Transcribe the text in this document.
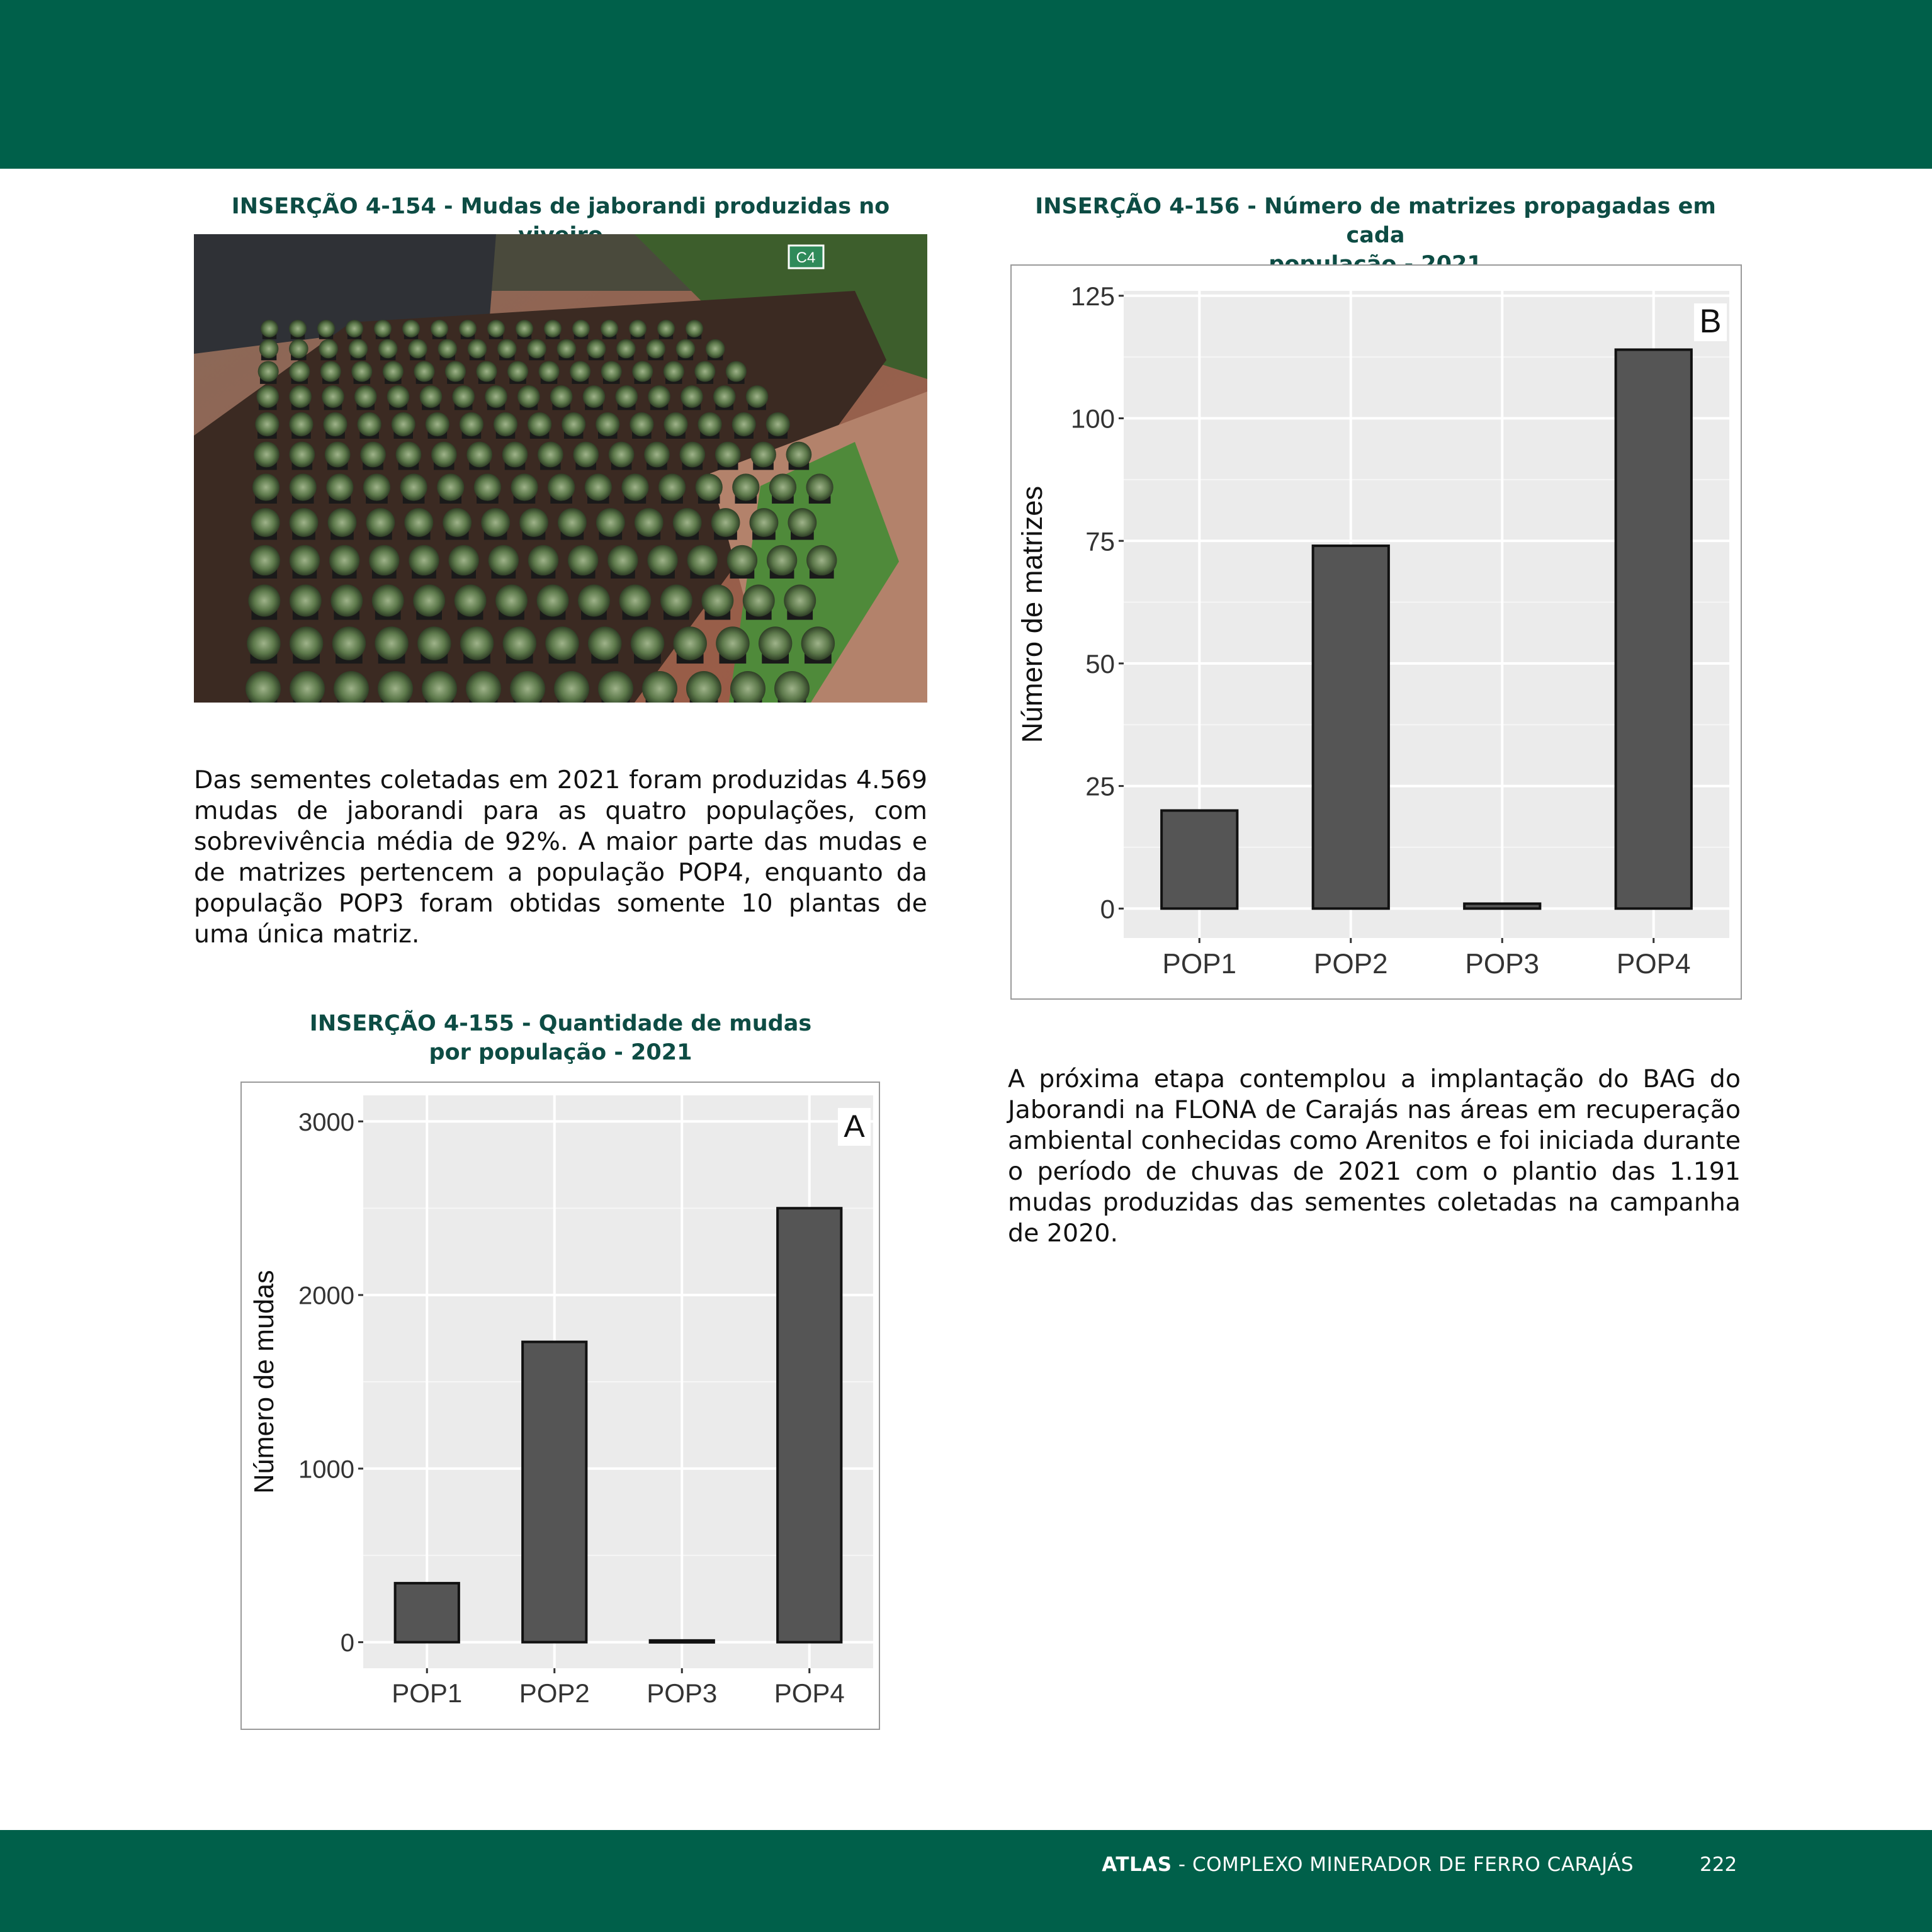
INSERÇÃO 4-154 - Mudas de jaborandi produzidas no
C4
Das sementes coletadas em 2021 foram produzidas 4.569 mudas de jaborandi para as quatro populações, com sobrevivência média de 92%. A maior parte das mudas e de matrizes pertencem a população POP4, enquanto da população POP3 foram obtidas somente 10 plantas de uma única matriz.
INSERÇÃO 4-155 - Quantidade de mudas
por população - 2021
0
1000
2000
3000
POP1 POP2 POP3 POP4
Número de mudas
A
INSERÇÃO 4-156 - Número de matrizes propagadas em cada
0
25
50
75
100
125
POP1	POP2	POP3	POP4
Número de matrizes
B
A próxima etapa contemplou a implantação do BAG do Jaborandi na FLONA de Carajás nas áreas em recuperação ambiental conhecidas como Arenitos e foi iniciada durante o período de chuvas de 2021 com o plantio das 1.191 mudas produzidas das sementes coletadas na campanha de 2020.
ATLAS - COMPLEXO MINERADOR DE FERRO CARAJÁS	222
